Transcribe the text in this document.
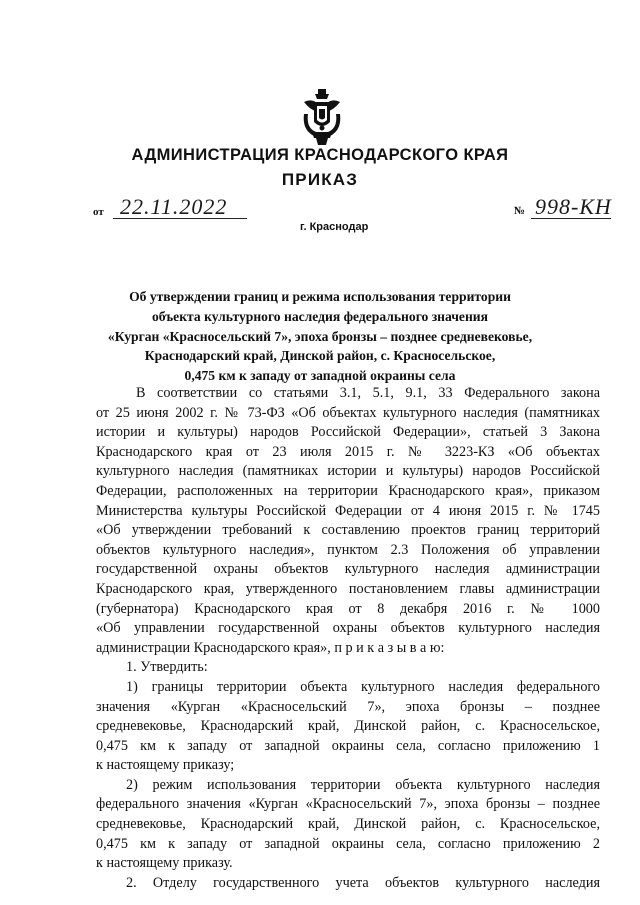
АДМИНИСТРАЦИЯ КРАСНОДАРСКОГО КРАЯ
ПРИКАЗ
от 22.11.2022
г. Краснодар
№ 998-КН
Об утверждении границ и режима использования территории
объекта культурного наследия федерального значения
«Курган «Красносельский 7», эпоха бронзы – позднее средневековье,
Краснодарский край, Динской район, с. Красносельское,
0,475 км к западу от западной окраины села
В соответствии со статьями 3.1, 5.1, 9.1, 33 Федерального закона
от 25 июня 2002 г. № 73-ФЗ «Об объектах культурного наследия (памятниках
истории и культуры) народов Российской Федерации», статьей 3 Закона
Краснодарского края от 23 июля 2015 г. № 3223-КЗ «Об объектах
культурного наследия (памятниках истории и культуры) народов Российской
Федерации, расположенных на территории Краснодарского края», приказом
Министерства культуры Российской Федерации от 4 июня 2015 г. № 1745
«Об утверждении требований к составлению проектов границ территорий
объектов культурного наследия», пунктом 2.3 Положения об управлении
государственной охраны объектов культурного наследия администрации
Краснодарского края, утвержденного постановлением главы администрации
(губернатора) Краснодарского края от 8 декабря 2016 г. № 1000
«Об управлении государственной охраны объектов культурного наследия
администрации Краснодарского края», п р и к а з ы в а ю:
1. Утвердить:
1) границы территории объекта культурного наследия федерального
значения «Курган «Красносельский 7», эпоха бронзы – позднее
средневековье, Краснодарский край, Динской район, с. Красносельское,
0,475 км к западу от западной окраины села, согласно приложению 1
к настоящему приказу;
2) режим использования территории объекта культурного наследия
федерального значения «Курган «Красносельский 7», эпоха бронзы – позднее
средневековье, Краснодарский край, Динской район, с. Красносельское,
0,475 км к западу от западной окраины села, согласно приложению 2
к настоящему приказу.
2. Отделу государственного учета объектов культурного наследия
